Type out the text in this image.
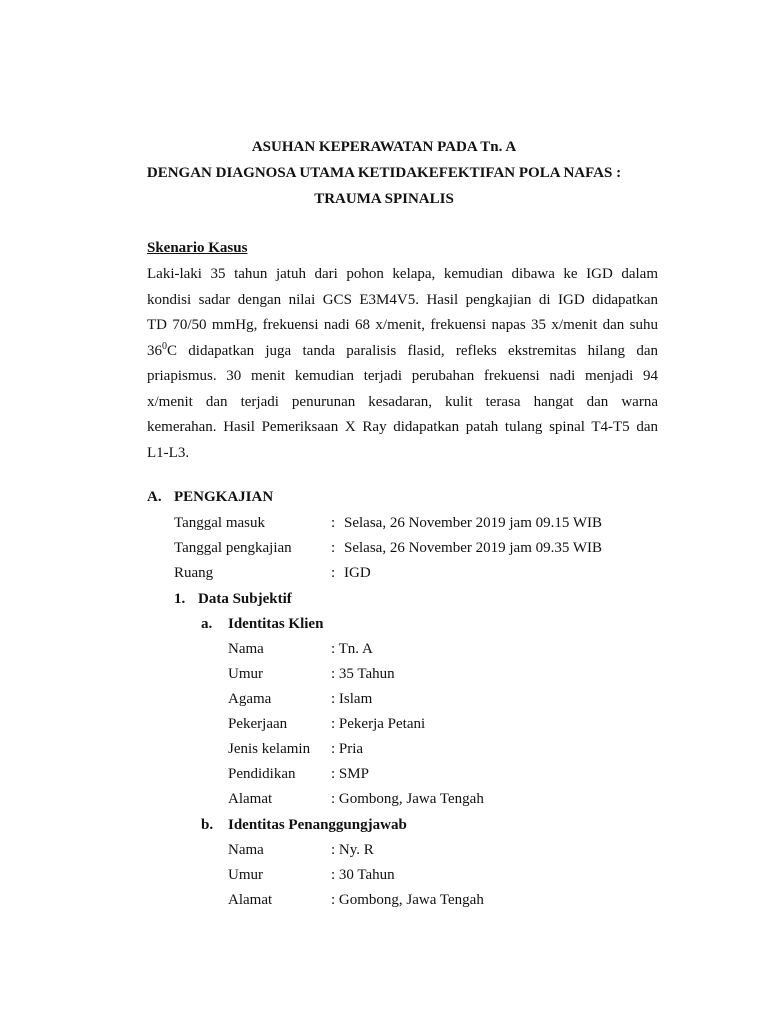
ASUHAN KEPERAWATAN PADA Tn. A
DENGAN DIAGNOSA UTAMA KETIDAKEFEKTIFAN POLA NAFAS :
TRAUMA SPINALIS
Skenario Kasus
Laki-laki 35 tahun jatuh dari pohon kelapa, kemudian dibawa ke IGD dalam
kondisi sadar dengan nilai GCS E3M4V5. Hasil pengkajian di IGD didapatkan
TD 70/50 mmHg, frekuensi nadi 68 x/menit, frekuensi napas 35 x/menit dan suhu
$36^0C$ didapatkan juga tanda paralisis flasid, refleks ekstremitas hilang dan
priapismus. 30 menit kemudian terjadi perubahan frekuensi nadi menjadi 94
x/menit dan terjadi penurunan kesadaran, kulit terasa hangat dan warna
kemerahan. Hasil Pemeriksaan X Ray didapatkan patah tulang spinal T4-T5 dan
L1-L3.
A. PENGKAJIAN
Tanggal masuk	: Selasa, 26 November 2019 jam 09.15 WIB
Tanggal pengkajian	: Selasa, 26 November 2019 jam 09.35 WIB
Ruang	: IGD
1. Data Subjektif
a. Identitas Klien
Nama	: Tn. A
Umur	: 35 Tahun
Agama	: Islam
Pekerjaan	: Pekerja Petani
Jenis kelamin : Pria
Pendidikan : SMP
Alamat	: Gombong, Jawa Tengah
b. Identitas Penanggungjawab
Nama	: Ny. R
Umur	: 30 Tahun
Alamat	: Gombong, Jawa Tengah
